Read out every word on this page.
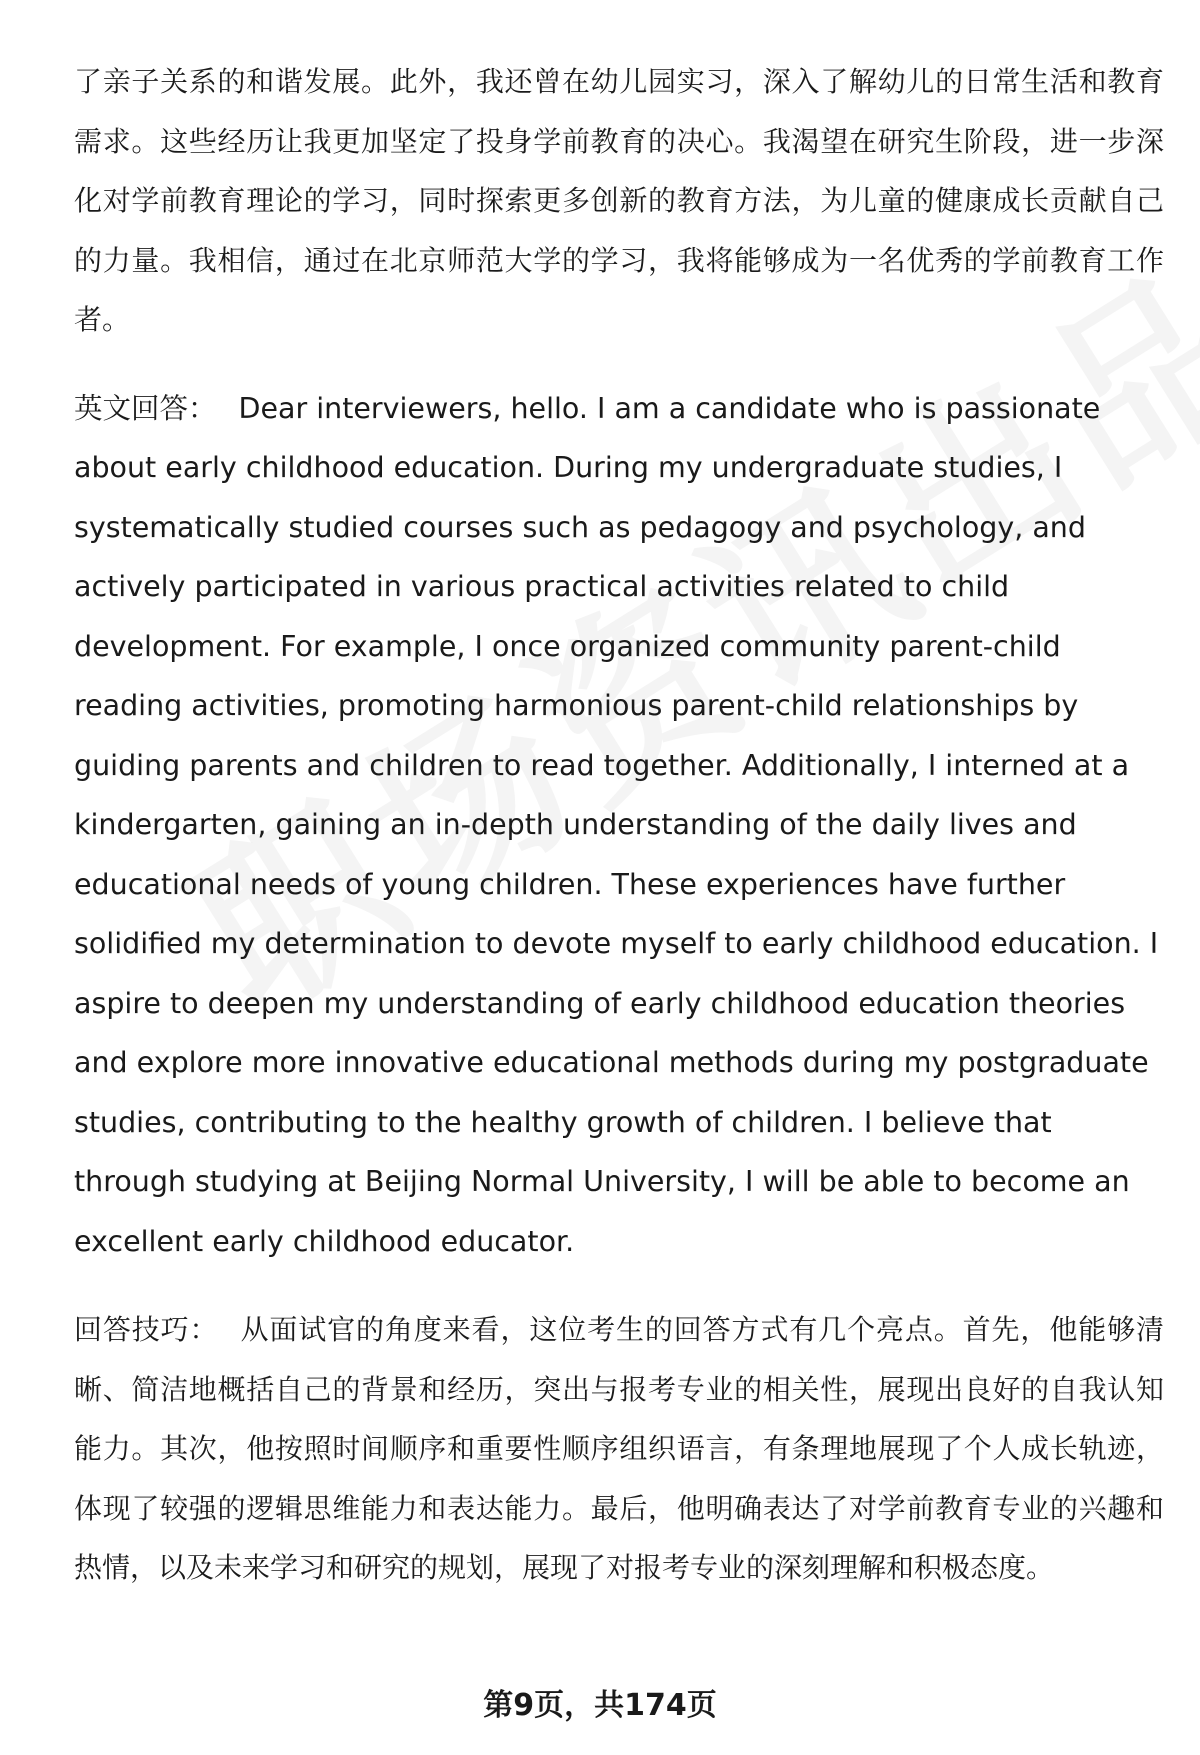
了亲子关系的和谐发展。此外，我还曾在幼儿园实习，深入了解幼儿的日常生活和教育需求。这些经历让我更加坚定了投身学前教育的决心。我渴望在研究生阶段，进一步深化对学前教育理论的学习，同时探索更多创新的教育方法，为儿童的健康成长贡献自己的力量。我相信，通过在北京师范大学的学习，我将能够成为一名优秀的学前教育工作者。

英文回答： Dear interviewers, hello. I am a candidate who is passionate about early childhood education. During my undergraduate studies, I systematically studied courses such as pedagogy and psychology, and actively participated in various practical activities related to child development. For example, I once organized community parent-child reading activities, promoting harmonious parent-child relationships by guiding parents and children to read together. Additionally, I interned at a kindergarten, gaining an in-depth understanding of the daily lives and educational needs of young children. These experiences have further solidified my determination to devote myself to early childhood education. I aspire to deepen my understanding of early childhood education theories and explore more innovative educational methods during my postgraduate studies, contributing to the healthy growth of children. I believe that through studying at Beijing Normal University, I will be able to become an excellent early childhood educator.

回答技巧： 从面试官的角度来看，这位考生的回答方式有几个亮点。首先，他能够清晰、简洁地概括自己的背景和经历，突出与报考专业的相关性，展现出良好的自我认知能力。其次，他按照时间顺序和重要性顺序组织语言，有条理地展现了个人成长轨迹，体现了较强的逻辑思维能力和表达能力。最后，他明确表达了对学前教育专业的兴趣和热情，以及未来学习和研究的规划，展现了对报考专业的深刻理解和积极态度。

第9页，共174页
